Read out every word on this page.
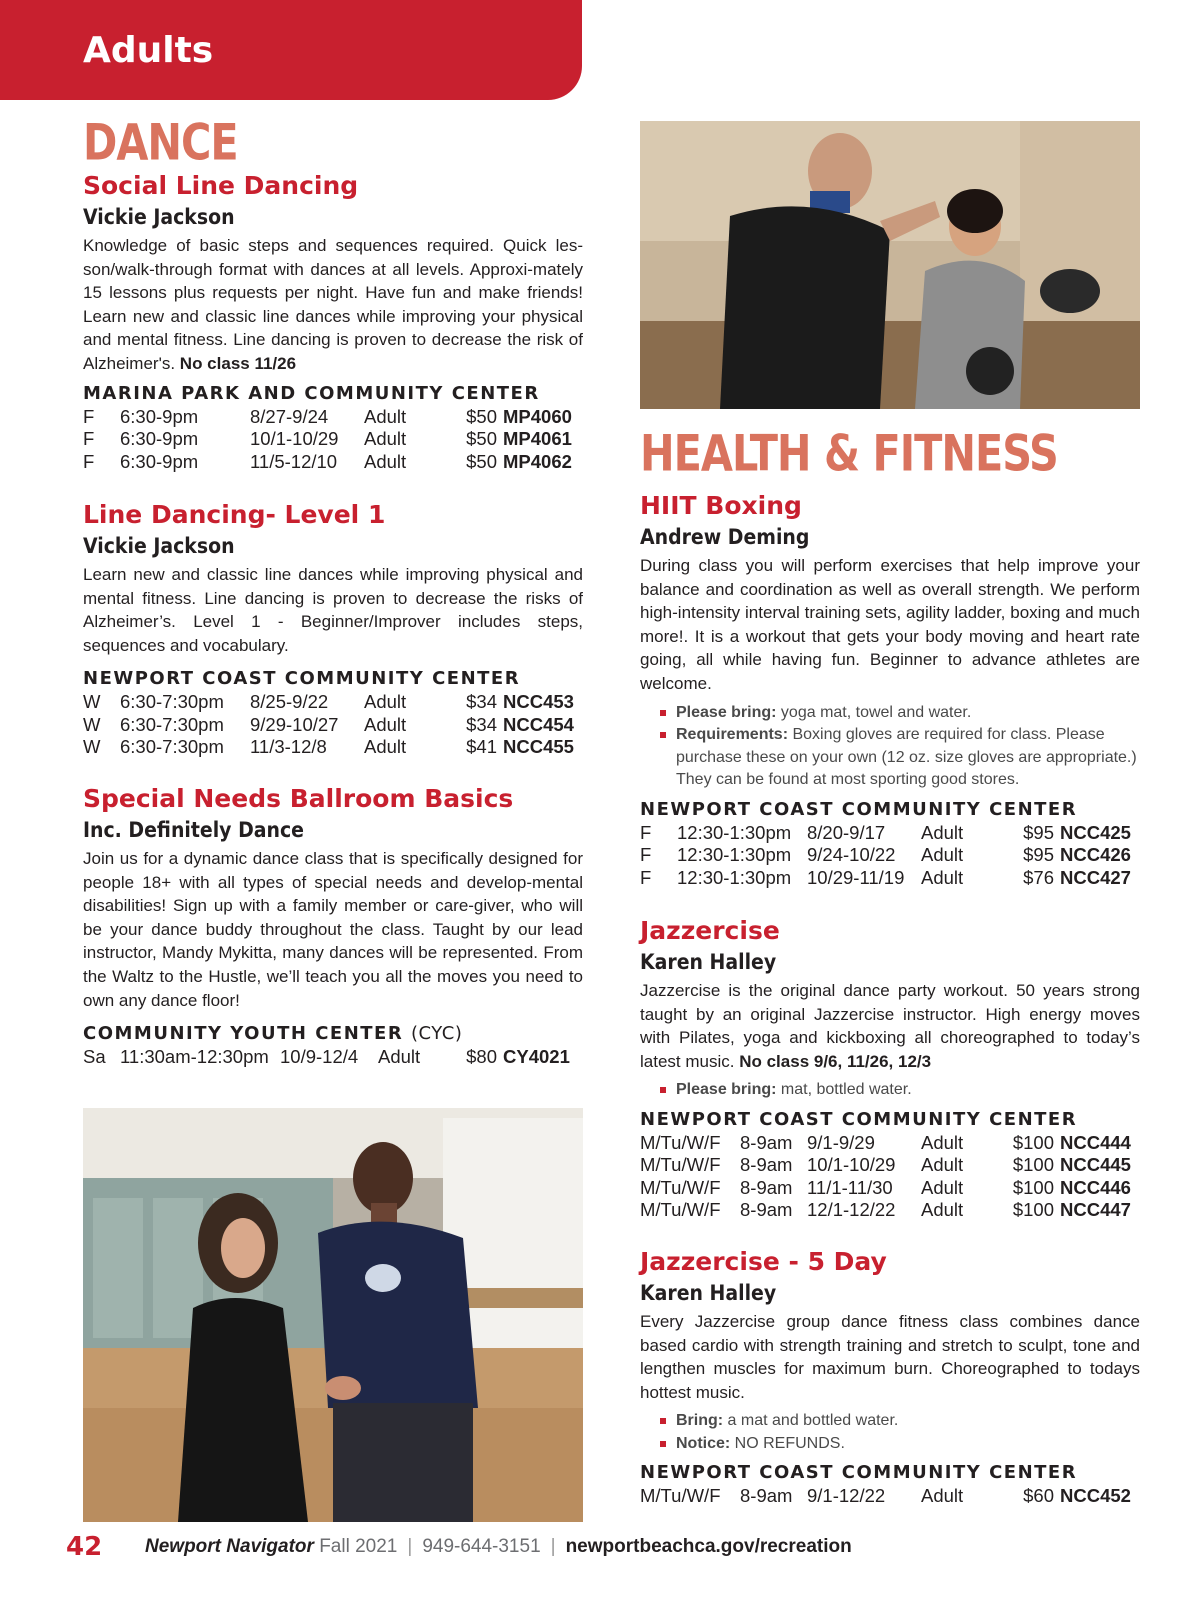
Adults
DANCE
Social Line Dancing
Vickie Jackson

Knowledge of basic steps and sequences required. Quick les-son/walk-through format with dances at all levels. Approxi-mately 15 lessons plus requests per night. Have fun and make friends! Learn new and classic line dances while improving your physical and mental fitness. Line dancing is proven to decrease the risk of Alzheimer's. No class 11/26

MARINA PARK AND COMMUNITY CENTER
F	6:30-9pm	8/27-9/24	Adult	$50	MP4060
F	6:30-9pm	10/1-10/29	Adult	$50	MP4061
F	6:30-9pm	11/5-12/10	Adult	$50	MP4062
Line Dancing- Level 1
Vickie Jackson

Learn new and classic line dances while improving physical and mental fitness. Line dancing is proven to decrease the risks of Alzheimer’s. Level 1 - Beginner/Improver includes steps, sequences and vocabulary.

NEWPORT COAST COMMUNITY CENTER
W	6:30-7:30pm	8/25-9/22	Adult	$34	NCC453
W	6:30-7:30pm	9/29-10/27	Adult	$34	NCC454
W	6:30-7:30pm	11/3-12/8	Adult	$41	NCC455
Special Needs Ballroom Basics
Inc. Definitely Dance

Join us for a dynamic dance class that is specifically designed for people 18+ with all types of special needs and develop-mental disabilities! Sign up with a family member or care-giver, who will be your dance buddy throughout the class. Taught by our lead instructor, Mandy Mykitta, many dances will be represented. From the Waltz to the Hustle, we’ll teach you all the moves you need to own any dance floor!

COMMUNITY YOUTH CENTER (CYC)
Sa	11:30am-12:30pm	10/9-12/4	Adult	$80	CY4021
HEALTH & FITNESS
HIIT Boxing
Andrew Deming

During class you will perform exercises that help improve your balance and coordination as well as overall strength. We perform high-intensity interval training sets, agility ladder, boxing and much more!. It is a workout that gets your body moving and heart rate going, all while having fun. Beginner to advance athletes are welcome.

Please bring: yoga mat, towel and water.
Requirements: Boxing gloves are required for class. Please purchase these on your own (12 oz. size gloves are appropriate.) They can be found at most sporting good stores.
NEWPORT COAST COMMUNITY CENTER
F	12:30-1:30pm	8/20-9/17	Adult	$95	NCC425
F	12:30-1:30pm	9/24-10/22	Adult	$95	NCC426
F	12:30-1:30pm	10/29-11/19	Adult	$76	NCC427
Jazzercise
Karen Halley

Jazzercise is the original dance party workout. 50 years strong taught by an original Jazzercise instructor. High energy moves with Pilates, yoga and kickboxing all choreographed to today’s latest music. No class 9/6, 11/26, 12/3

Please bring: mat, bottled water.
NEWPORT COAST COMMUNITY CENTER
M/Tu/W/F	8-9am	9/1-9/29	Adult	$100	NCC444
M/Tu/W/F	8-9am	10/1-10/29	Adult	$100	NCC445
M/Tu/W/F	8-9am	11/1-11/30	Adult	$100	NCC446
M/Tu/W/F	8-9am	12/1-12/22	Adult	$100	NCC447
Jazzercise - 5 Day
Karen Halley

Every Jazzercise group dance fitness class combines dance based cardio with strength training and stretch to sculpt, tone and lengthen muscles for maximum burn. Choreographed to todays hottest music.

Bring: a mat and bottled water.
Notice: NO REFUNDS.
NEWPORT COAST COMMUNITY CENTER
M/Tu/W/F	8-9am	9/1-12/22	Adult	$60	NCC452
42 Newport Navigator Fall 2021 | 949-644-3151 | newportbeachca.gov/recreation
